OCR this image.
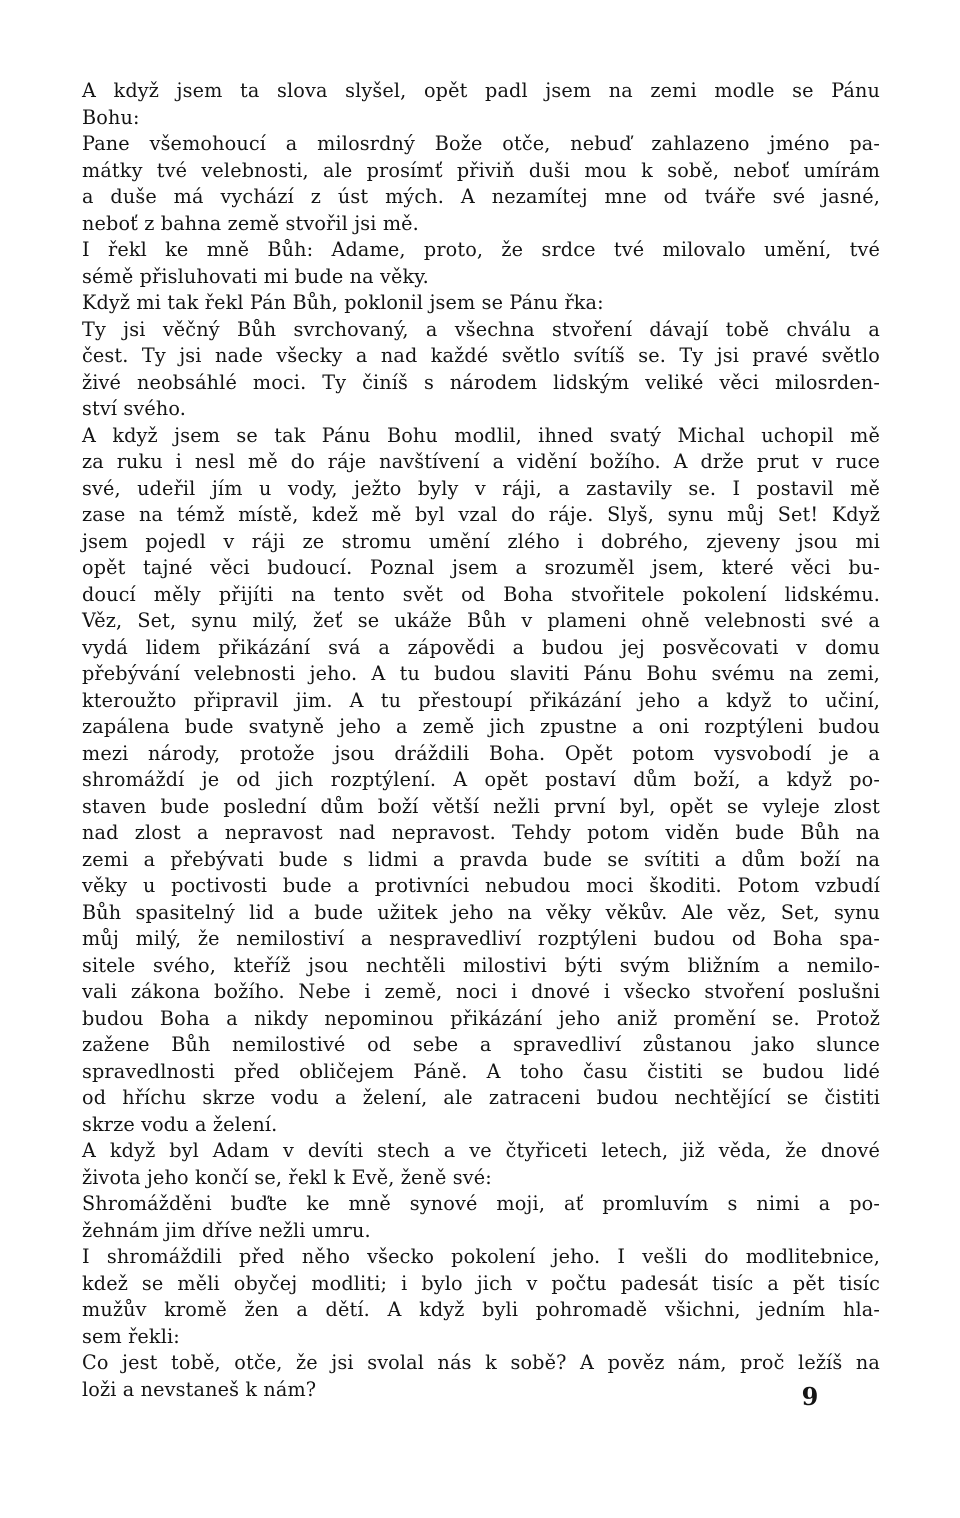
A když jsem ta slova slyšel, opět padl jsem na zemi modle se Pánu
Bohu:
Pane všemohoucí a milosrdný Bože otče, nebuď zahlazeno jméno pa-
mátky tvé velebnosti, ale prosímť přiviň duši mou k sobě, neboť umírám
a duše má vychází z úst mých. A nezamítej mne od tváře své jasné,
neboť z bahna země stvořil jsi mě.
I řekl ke mně Bůh: Adame, proto, že srdce tvé milovalo umění, tvé
sémě přisluhovati mi bude na věky.
Když mi tak řekl Pán Bůh, poklonil jsem se Pánu řka:
Ty jsi věčný Bůh svrchovaný, a všechna stvoření dávají tobě chválu a
čest. Ty jsi nade všecky a nad každé světlo svítíš se. Ty jsi pravé světlo
živé neobsáhlé moci. Ty činíš s národem lidským veliké věci milosrden-
ství svého.
A když jsem se tak Pánu Bohu modlil, ihned svatý Michal uchopil mě
za ruku i nesl mě do ráje navštívení a vidění božího. A drže prut v ruce
své, udeřil jím u vody, ježto byly v ráji, a zastavily se. I postavil mě
zase na témž místě, kdež mě byl vzal do ráje. Slyš, synu můj Set! Když
jsem pojedl v ráji ze stromu umění zlého i dobrého, zjeveny jsou mi
opět tajné věci budoucí. Poznal jsem a srozuměl jsem, které věci bu-
doucí měly přijíti na tento svět od Boha stvořitele pokolení lidskému.
Věz, Set, synu milý, žeť se ukáže Bůh v plameni ohně velebnosti své a
vydá lidem přikázání svá a zápovědi a budou jej posvěcovati v domu
přebývání velebnosti jeho. A tu budou slaviti Pánu Bohu svému na zemi,
kteroužto připravil jim. A tu přestoupí přikázání jeho a když to učiní,
zapálena bude svatyně jeho a země jich zpustne a oni rozptýleni budou
mezi národy, protože jsou dráždili Boha. Opět potom vysvobodí je a
shromáždí je od jich rozptýlení. A opět postaví dům boží, a když po-
staven bude poslední dům boží větší nežli první byl, opět se vyleje zlost
nad zlost a nepravost nad nepravost. Tehdy potom viděn bude Bůh na
zemi a přebývati bude s lidmi a pravda bude se svítiti a dům boží na
věky u poctivosti bude a protivníci nebudou moci škoditi. Potom vzbudí
Bůh spasitelný lid a bude užitek jeho na věky věkův. Ale věz, Set, synu
můj milý, že nemilostiví a nespravedliví rozptýleni budou od Boha spa-
sitele svého, kteříž jsou nechtěli milostivi býti svým bližním a nemilo-
vali zákona božího. Nebe i země, noci i dnové i všecko stvoření poslušni
budou Boha a nikdy nepominou přikázání jeho aniž promění se. Protož
zažene Bůh nemilostivé od sebe a spravedliví zůstanou jako slunce
spravedlnosti před obličejem Páně. A toho času čistiti se budou lidé
od hříchu skrze vodu a želení, ale zatraceni budou nechtějící se čistiti
skrze vodu a želení.
A když byl Adam v devíti stech a ve čtyřiceti letech, již věda, že dnové
života jeho končí se, řekl k Evě, ženě své:
Shromážděni buďte ke mně synové moji, ať promluvím s nimi a po-
žehnám jim dříve nežli umru.
I shromáždili před něho všecko pokolení jeho. I vešli do modlitebnice,
kdež se měli obyčej modliti; i bylo jich v počtu padesát tisíc a pět tisíc
mužův kromě žen a dětí. A když byli pohromadě všichni, jedním hla-
sem řekli:
Co jest tobě, otče, že jsi svolal nás k sobě? A pověz nám, proč ležíš na
loži a nevstaneš k nám?	9
